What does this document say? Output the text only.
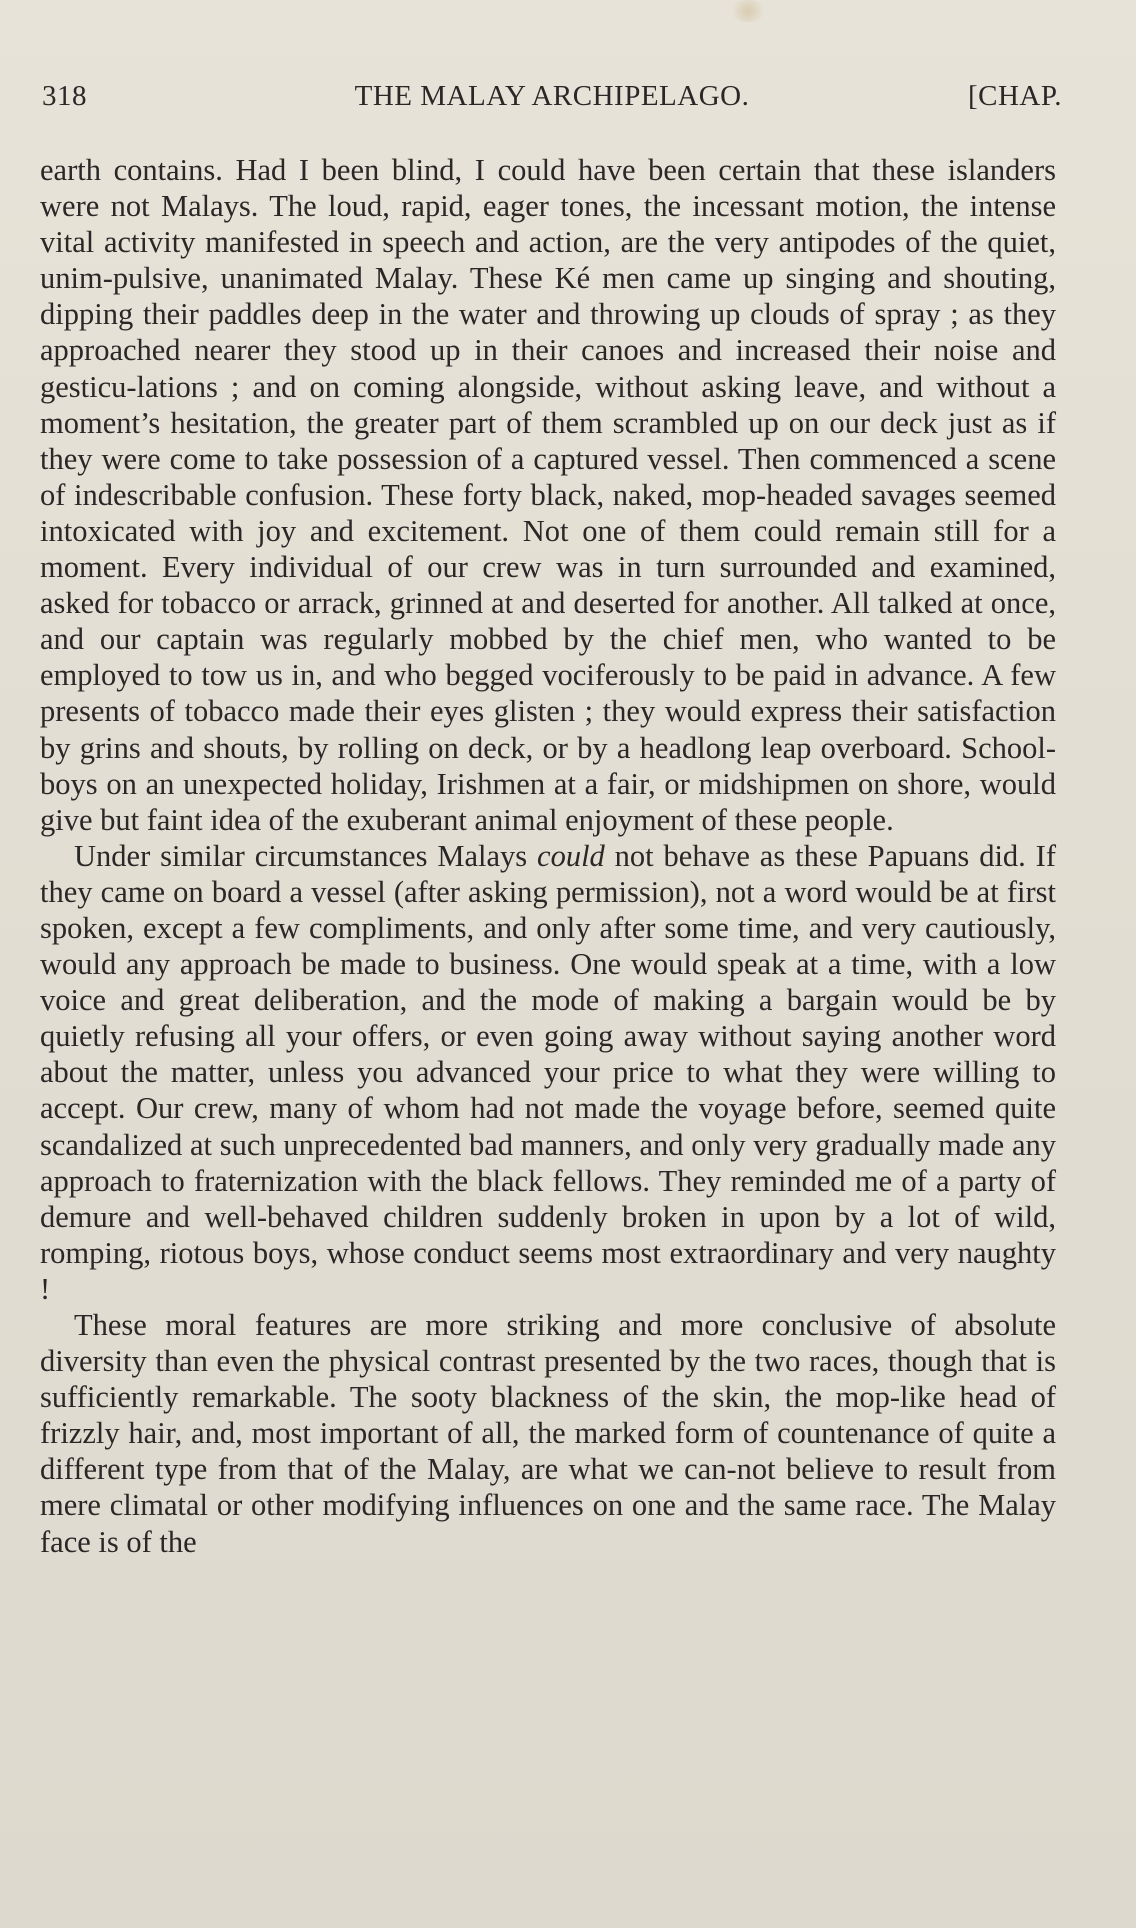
318	THE MALAY ARCHIPELAGO.	[CHAP.

earth contains. Had I been blind, I could have been certain that these islanders were not Malays. The loud, rapid, eager tones, the incessant motion, the intense vital activity manifested in speech and action, are the very antipodes of the quiet, unim-pulsive, unanimated Malay. These Ké men came up singing and shouting, dipping their paddles deep in the water and throwing up clouds of spray ; as they approached nearer they stood up in their canoes and increased their noise and gesticu-lations ; and on coming alongside, without asking leave, and without a moment’s hesitation, the greater part of them scrambled up on our deck just as if they were come to take possession of a captured vessel. Then commenced a scene of indescribable confusion. These forty black, naked, mop-headed savages seemed intoxicated with joy and excitement. Not one of them could remain still for a moment. Every individual of our crew was in turn surrounded and examined, asked for tobacco or arrack, grinned at and deserted for another. All talked at once, and our captain was regularly mobbed by the chief men, who wanted to be employed to tow us in, and who begged vociferously to be paid in advance. A few presents of tobacco made their eyes glisten ; they would express their satisfaction by grins and shouts, by rolling on deck, or by a headlong leap overboard. School-boys on an unexpected holiday, Irishmen at a fair, or midshipmen on shore, would give but faint idea of the exuberant animal enjoyment of these people.

Under similar circumstances Malays could not behave as these Papuans did. If they came on board a vessel (after asking permission), not a word would be at first spoken, except a few compliments, and only after some time, and very cautiously, would any approach be made to business. One would speak at a time, with a low voice and great deliberation, and the mode of making a bargain would be by quietly refusing all your offers, or even going away without saying another word about the matter, unless you advanced your price to what they were willing to accept. Our crew, many of whom had not made the voyage before, seemed quite scandalized at such unprecedented bad manners, and only very gradually made any approach to fraternization with the black fellows. They reminded me of a party of demure and well-behaved children suddenly broken in upon by a lot of wild, romping, riotous boys, whose conduct seems most extraordinary and very naughty !

These moral features are more striking and more conclusive of absolute diversity than even the physical contrast presented by the two races, though that is sufficiently remarkable. The sooty blackness of the skin, the mop-like head of frizzly hair, and, most important of all, the marked form of countenance of quite a different type from that of the Malay, are what we can-not believe to result from mere climatal or other modifying influences on one and the same race. The Malay face is of the
